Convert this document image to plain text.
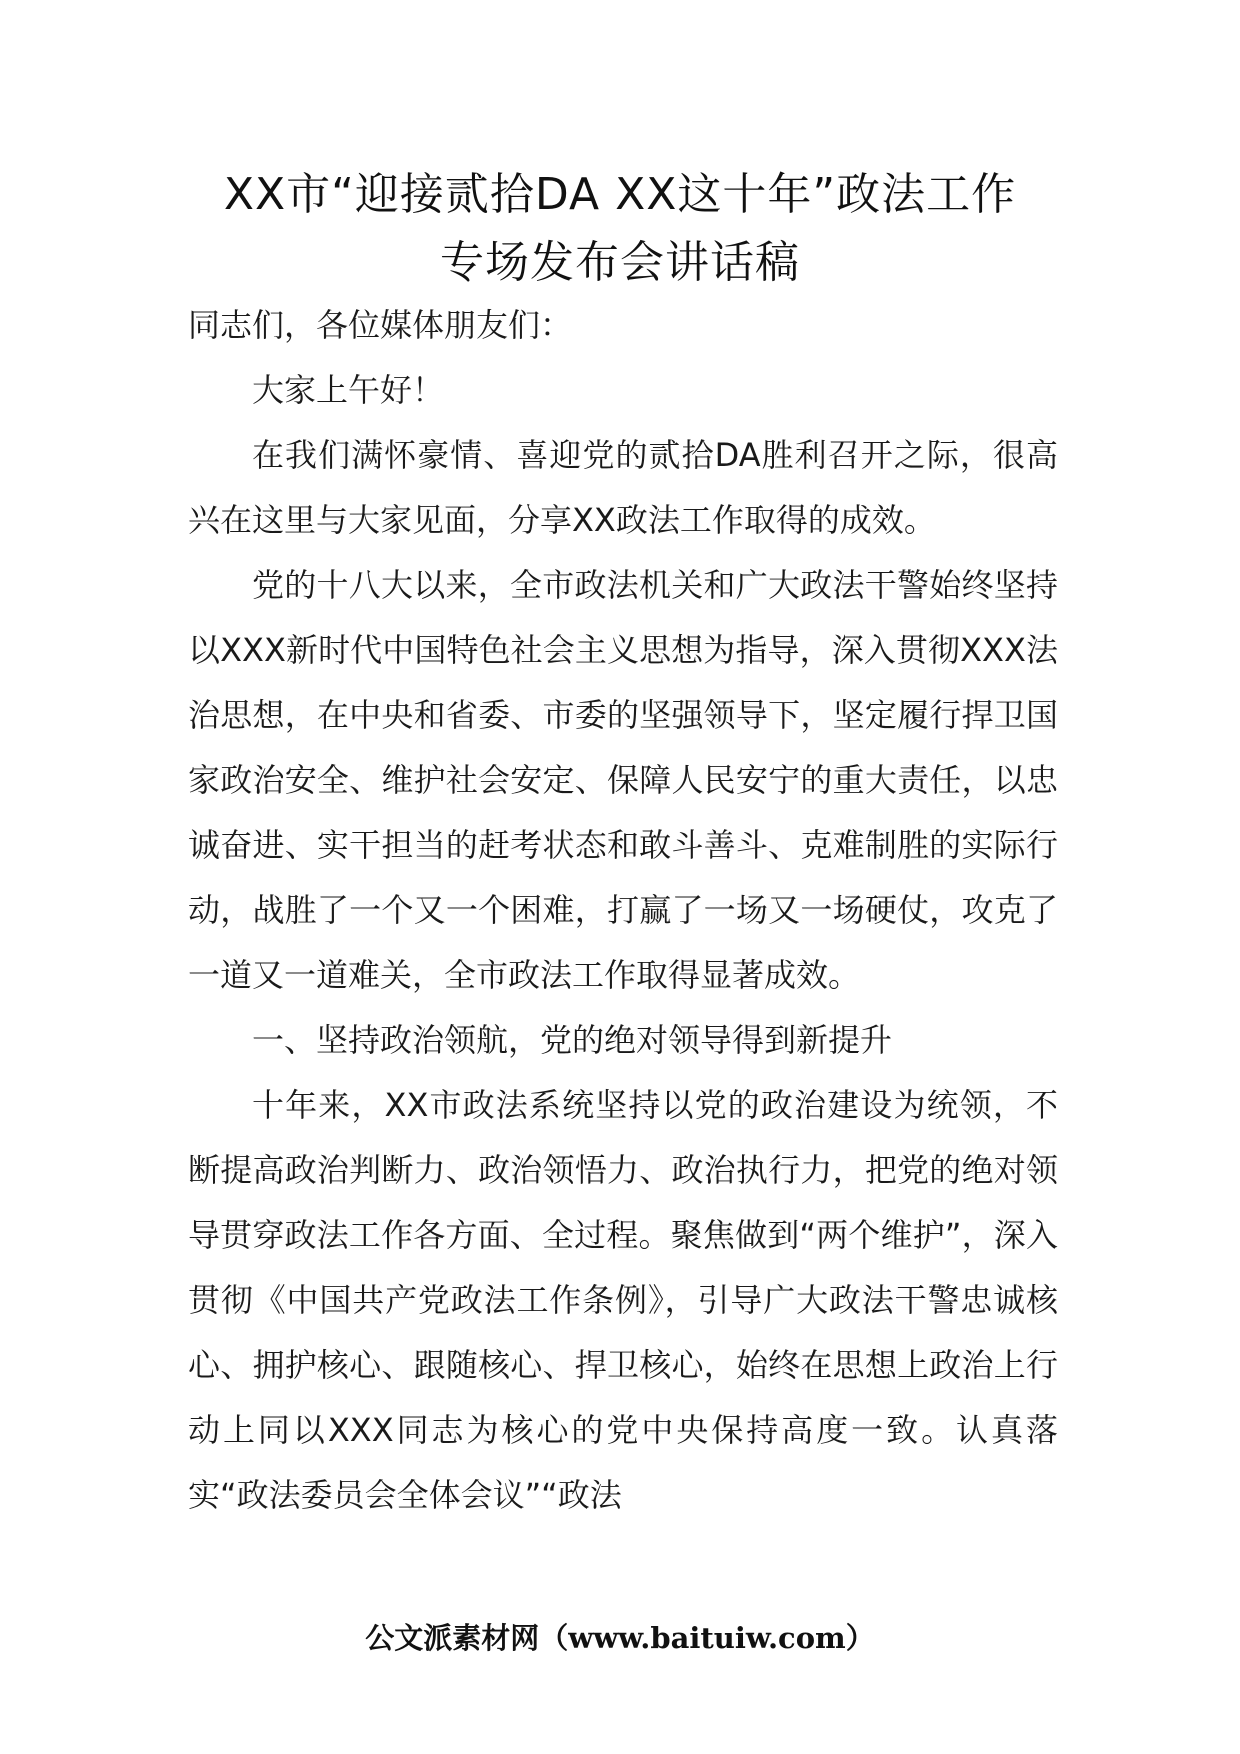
XX市“迎接贰拾DA XX这十年”政法工作
专场发布会讲话稿

同志们，各位媒体朋友们：

大家上午好！

在我们满怀豪情、喜迎党的贰拾DA胜利召开之际，很高兴在这里与大家见面，分享XX政法工作取得的成效。

党的十八大以来，全市政法机关和广大政法干警始终坚持以XXX新时代中国特色社会主义思想为指导，深入贯彻XXX法治思想，在中央和省委、市委的坚强领导下，坚定履行捍卫国家政治安全、维护社会安定、保障人民安宁的重大责任，以忠诚奋进、实干担当的赶考状态和敢斗善斗、克难制胜的实际行动，战胜了一个又一个困难，打赢了一场又一场硬仗，攻克了一道又一道难关，全市政法工作取得显著成效。

一、坚持政治领航，党的绝对领导得到新提升

十年来，XX市政法系统坚持以党的政治建设为统领，不断提高政治判断力、政治领悟力、政治执行力，把党的绝对领导贯穿政法工作各方面、全过程。聚焦做到“两个维护”，深入贯彻《中国共产党政法工作条例》，引导广大政法干警忠诚核心、拥护核心、跟随核心、捍卫核心，始终在思想上政治上行动上同以XXX同志为核心的党中央保持高度一致。认真落实“政法委员会全体会议”“政法

公文派素材网（www.baituiw.com）
